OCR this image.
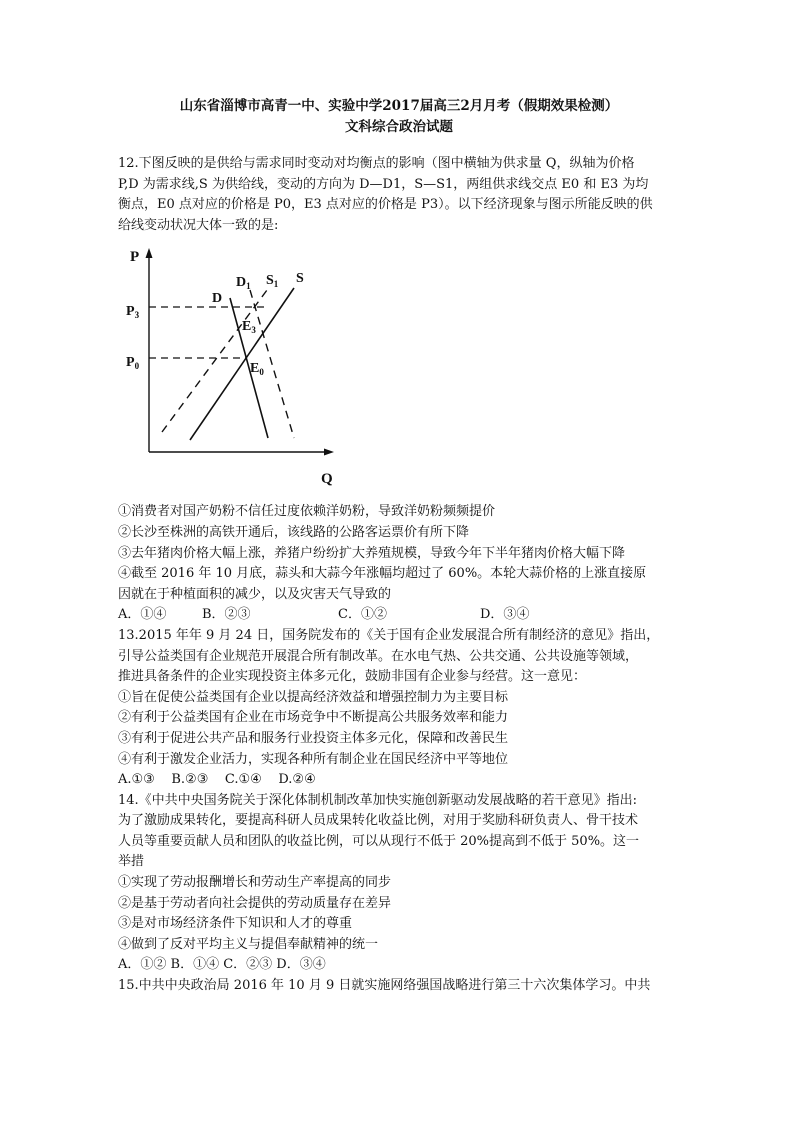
山东省淄博市高青一中、实验中学2017届高三2月月考（假期效果检测）
文科综合政治试题
12.下图反映的是供给与需求同时变动对均衡点的影响（图中横轴为供求量 Q，纵轴为价格
P,D 为需求线,S 为供给线，变动的方向为 D—D1，S—S1，两组供求线交点 E0 和 E3 为均
衡点，E0 点对应的价格是 P0，E3 点对应的价格是 P3）。以下经济现象与图示所能反映的供
给线变动状况大体一致的是:
P
Q
$P_3$
$P_0$
D
$D_1$ $S_1$ S
$E_3$
$E_0$
①消费者对国产奶粉不信任过度依赖洋奶粉，导致洋奶粉频频提价
②长沙至株洲的高铁开通后，该线路的公路客运票价有所下降
③去年猪肉价格大幅上涨，养猪户纷纷扩大养殖规模，导致今年下半年猪肉价格大幅下降
④截至 2016 年 10 月底，蒜头和大蒜今年涨幅均超过了 60%。本轮大蒜价格的上涨直接原
因就在于种植面积的减少，以及灾害天气导致的
A．①④	B．②③	C．①②	D．③④
13.2015 年年 9 月 24 日，国务院发布的《关于国有企业发展混合所有制经济的意见》指出，
引导公益类国有企业规范开展混合所有制改革。在水电气热、公共交通、公共设施等领域，
推进具备条件的企业实现投资主体多元化，鼓励非国有企业参与经营。这一意见：
①旨在促使公益类国有企业以提高经济效益和增强控制力为主要目标
②有利于公益类国有企业在市场竞争中不断提高公共服务效率和能力
③有利于促进公共产品和服务行业投资主体多元化，保障和改善民生
④有利于激发企业活力，实现各种所有制企业在国民经济中平等地位
A.①③    B.②③    C.①④    D.②④
14.《中共中央国务院关于深化体制机制改革加快实施创新驱动发展战略的若干意见》指出:
为了激励成果转化，要提高科研人员成果转化收益比例，对用于奖励科研负责人、骨干技术
人员等重要贡献人员和团队的收益比例，可以从现行不低于 20%提高到不低于 50%。这一
举措
①实现了劳动报酬增长和劳动生产率提高的同步
②是基于劳动者向社会提供的劳动质量存在差异
③是对市场经济条件下知识和人才的尊重
④做到了反对平均主义与提倡奉献精神的统一
A．①② B．①④ C．②③ D．③④
15.中共中央政治局 2016 年 10 月 9 日就实施网络强国战略进行第三十六次集体学习。中共
